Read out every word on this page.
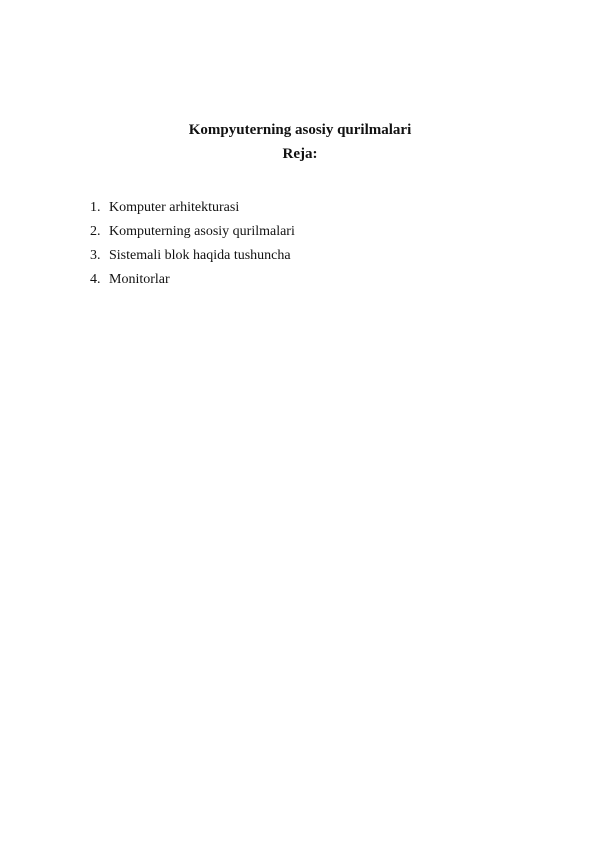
Kompyuterning asosiy qurilmalari
Reja:
1. Komputer arhitekturasi
2. Komputerning asosiy qurilmalari
3. Sistemali blok haqida tushuncha
4. Monitorlar
